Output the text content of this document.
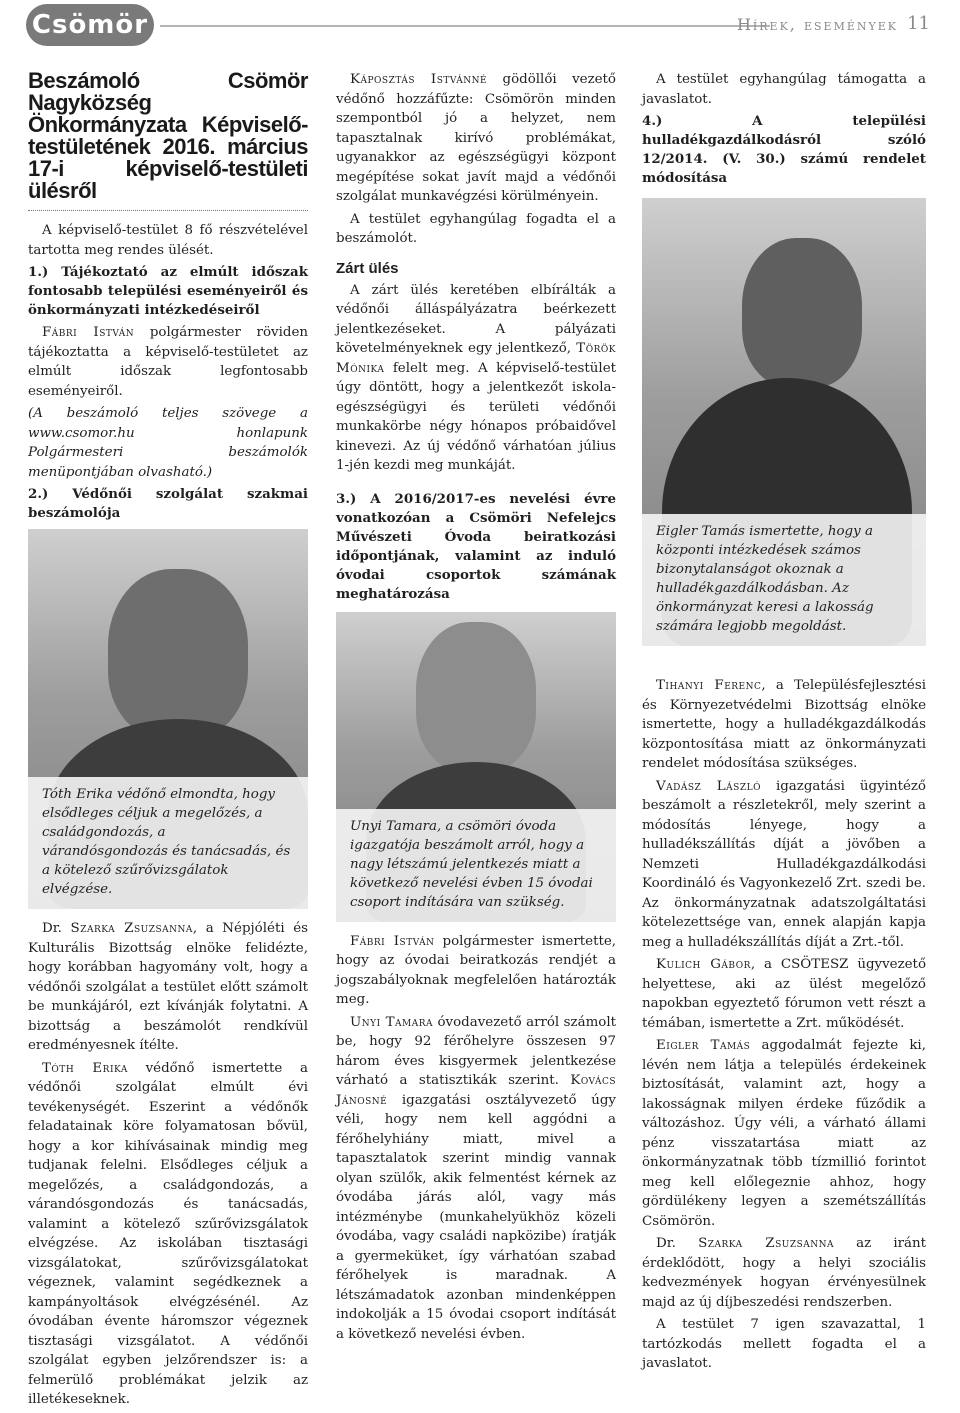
Csömör	Hírek, események 11
Beszámoló Csömör Nagyközség Önkormányzata Képviselő-testületének 2016. március 17-i képviselő-testületi ülésről

A képviselő-testület 8 fő részvételével tartotta meg rendes ülését.

1.) Tájékoztató az elmúlt időszak fontosabb települési eseményeiről és önkormányzati intézkedéseiről

Fábri István polgármester röviden tájékoztatta a képviselő-testületet az elmúlt időszak legfontosabb eseményeiről.

(A beszámoló teljes szövege a www.csomor.hu honlapunk Polgármesteri beszámolók menüpontjában olvasható.)

2.) Védőnői szolgálat szakmai beszámolója

Tóth Erika védőnő elmondta, hogy elsődleges céljuk a megelőzés, a családgondozás, a várandósgondozás és tanácsadás, és a kötelező szűrővizsgálatok elvégzése.

Dr. Szarka Zsuzsanna, a Népjóléti és Kulturális Bizottság elnöke felidézte, hogy korábban hagyomány volt, hogy a védőnői szolgálat a testület előtt számolt be munkájáról, ezt kívánják folytatni. A bizottság a beszámolót rendkívül eredményesnek ítélte.

Tóth Erika védőnő ismertette a védőnői szolgálat elmúlt évi tevékenységét. Eszerint a védőnők feladatainak köre folyamatosan bővül, hogy a kor kihívásainak mindig meg tudjanak felelni. Elsődleges céljuk a megelőzés, a családgondozás, a várandósgondozás és tanácsadás, valamint a kötelező szűrővizsgálatok elvégzése. Az iskolában tisztasági vizsgálatokat, szűrővizsgálatokat végeznek, valamint segédkeznek a kampányoltások elvégzésénél. Az óvodában évente háromszor végeznek tisztasági vizsgálatot. A védőnői szolgálat egyben jelzőrendszer is: a felmerülő problémákat jelzik az illetékeseknek.

Káposztás Istvánné gödöllői vezető védőnő hozzáfűzte: Csömörön minden szempontból jó a helyzet, nem tapasztalnak kirívó problémákat, ugyanakkor az egészségügyi központ megépítése sokat javít majd a védőnői szolgálat munkavégzési körülményein.

A testület egyhangúlag fogadta el a beszámolót.

Zárt ülés

A zárt ülés keretében elbírálták a védőnői álláspályázatra beérkezett jelentkezéseket. A pályázati követelményeknek egy jelentkező, Török Mónika felelt meg. A képviselő-testület úgy döntött, hogy a jelentkezőt iskola-egészségügyi és területi védőnői munkakörbe négy hónapos próbaidővel kinevezi. Az új védőnő várhatóan július 1-jén kezdi meg munkáját.

3.) A 2016/2017-es nevelési évre vonatkozóan a Csömöri Nefelejcs Művészeti Óvoda beiratkozási időpontjának, valamint az induló óvodai csoportok számának meghatározása

Unyi Tamara, a csömöri óvoda igazgatója beszámolt arról, hogy a nagy létszámú jelentkezés miatt a következő nevelési évben 15 óvodai csoport indítására van szükség.

Fábri István polgármester ismertette, hogy az óvodai beiratkozás rendjét a jogszabályoknak megfelelően határozták meg.

Unyi Tamara óvodavezető arról számolt be, hogy 92 férőhelyre összesen 97 három éves kisgyermek jelentkezése várható a statisztikák szerint. Kovács Jánosné igazgatási osztályvezető úgy véli, hogy nem kell aggódni a férőhelyhiány miatt, mivel a tapasztalatok szerint mindig vannak olyan szülők, akik felmentést kérnek az óvodába járás alól, vagy más intézménybe (munkahelyükhöz közeli óvodába, vagy családi napközibe) íratják a gyermeküket, így várhatóan szabad férőhelyek is maradnak. A létszámadatok azonban mindenképpen indokolják a 15 óvodai csoport indítását a következő nevelési évben.

A testület egyhangúlag támogatta a javaslatot.

4.) A települési hulladékgazdálkodásról szóló 12/2014. (V. 30.) számú rendelet módosítása

Eigler Tamás ismertette, hogy a központi intézkedések számos bizonytalanságot okoznak a hulladékgazdálkodásban. Az önkormányzat keresi a lakosság számára legjobb megoldást.

Tihanyi Ferenc, a Településfejlesztési és Környezetvédelmi Bizottság elnöke ismertette, hogy a hulladékgazdálkodás központosítása miatt az önkormányzati rendelet módosítása szükséges.

Vadász László igazgatási ügyintéző beszámolt a részletekről, mely szerint a módosítás lényege, hogy a hulladékszállítás díját a jövőben a Nemzeti Hulladékgazdálkodási Koordináló és Vagyonkezelő Zrt. szedi be. Az önkormányzatnak adatszolgáltatási kötelezettsége van, ennek alapján kapja meg a hulladékszállítás díját a Zrt.-től.

Kulich Gábor, a CSÖTESZ ügyvezető helyettese, aki az ülést megelőző napokban egyeztető fórumon vett részt a témában, ismertette a Zrt. működését.

Eigler Tamás aggodalmát fejezte ki, lévén nem látja a település érdekeinek biztosítását, valamint azt, hogy a lakosságnak milyen érdeke fűződik a változáshoz. Úgy véli, a várható állami pénz visszatartása miatt az önkormányzatnak több tízmillió forintot meg kell előlegeznie ahhoz, hogy gördülékeny legyen a szemétszállítás Csömörön.

Dr. Szarka Zsuzsanna az iránt érdeklődött, hogy a helyi szociális kedvezmények hogyan érvényesülnek majd az új díjbeszedési rendszerben.

A testület 7 igen szavazattal, 1 tartózkodás mellett fogadta el a javaslatot.
